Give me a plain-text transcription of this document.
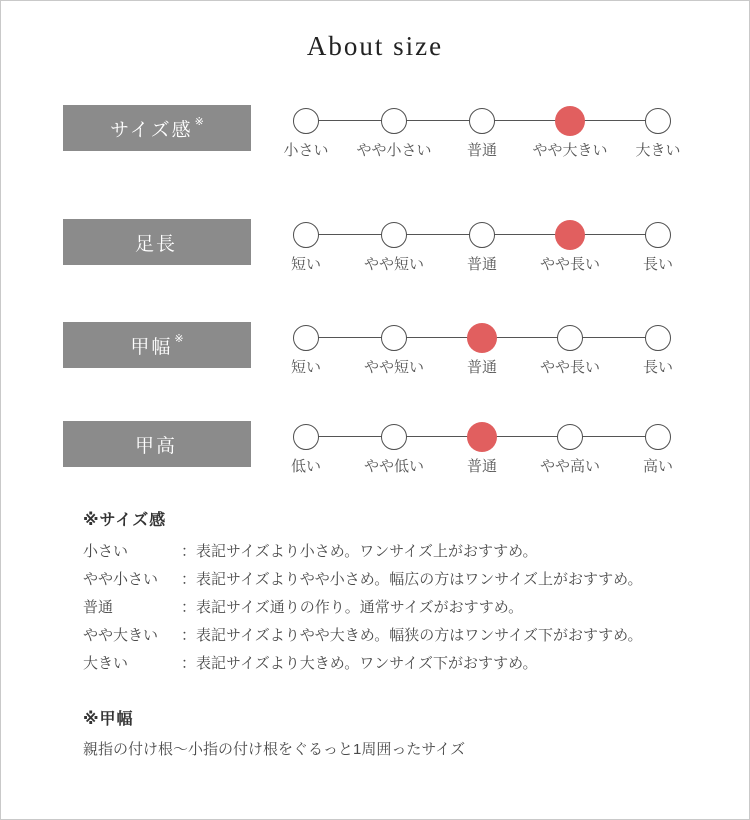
About size
サイズ感※
小さい やや小さい 普通 やや大きい 大きい
足長
短い	やや短い	普通	やや長い	長い
甲幅※
短い	やや短い	普通	やや長い	長い
甲高
低い	やや低い	普通	やや高い	高い
※サイズ感
小さい	：表記サイズより小さめ。ワンサイズ上がおすすめ。
やや小さい	：表記サイズよりやや小さめ。幅広の方はワンサイズ上がおすすめ。
普通	：表記サイズ通りの作り。通常サイズがおすすめ。
やや大きい	：表記サイズよりやや大きめ。幅狭の方はワンサイズ下がおすすめ。
大きい	：表記サイズより大きめ。ワンサイズ下がおすすめ。
※甲幅
親指の付け根〜小指の付け根をぐるっと1周囲ったサイズ
